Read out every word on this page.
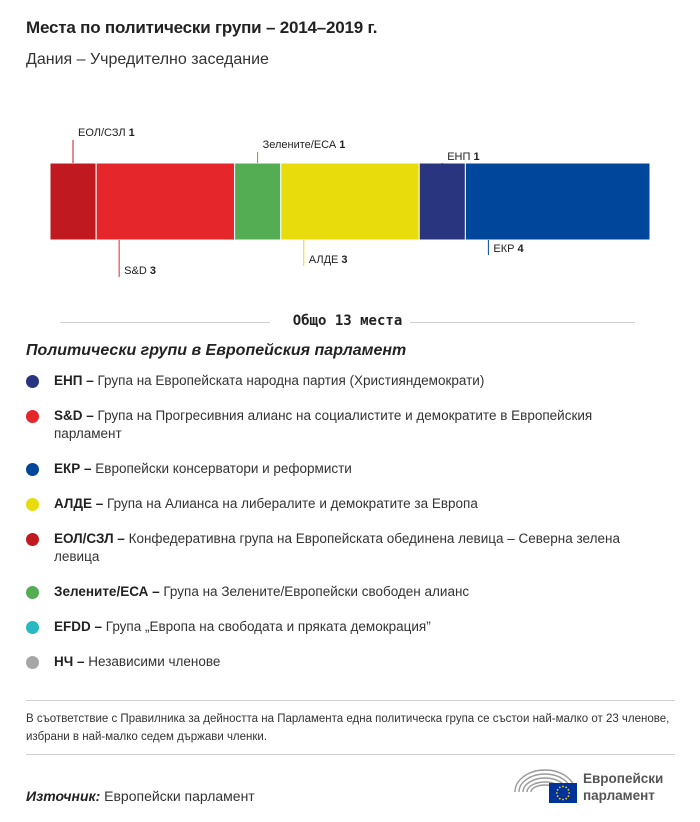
Места по политически групи – 2014–2019 г.
Дания – Учредително заседание
ЕОЛ/СЗЛ 1
S&D 3
Зелените/ЕСА 1
АЛДЕ 3
ЕНП 1
ЕКР 4
Общо 13 места
Политически групи в Европейския парламент
ЕНП – Група на Европейската народна партия (Християндемократи)
S&D – Група на Прогресивния алианс на социалистите и демократите в Европейския парламент
ЕКР – Европейски консерватори и реформисти
АЛДЕ – Група на Алианса на либералите и демократите за Европа
ЕОЛ/СЗЛ – Конфедеративна група на Европейската обединена левица – Северна зелена левица
Зелените/ЕСА – Група на Зелените/Европейски свободен алианс
EFDD – Група „Европа на свободата и пряката демокрация”
НЧ – Независими членове
В съответствие с Правилника за дейността на Парламента една политическа група се състои най-малко от 23 членове, избрани в най-малко седем държави членки.
Източник: Европейски парламент
Европейски
парламент
